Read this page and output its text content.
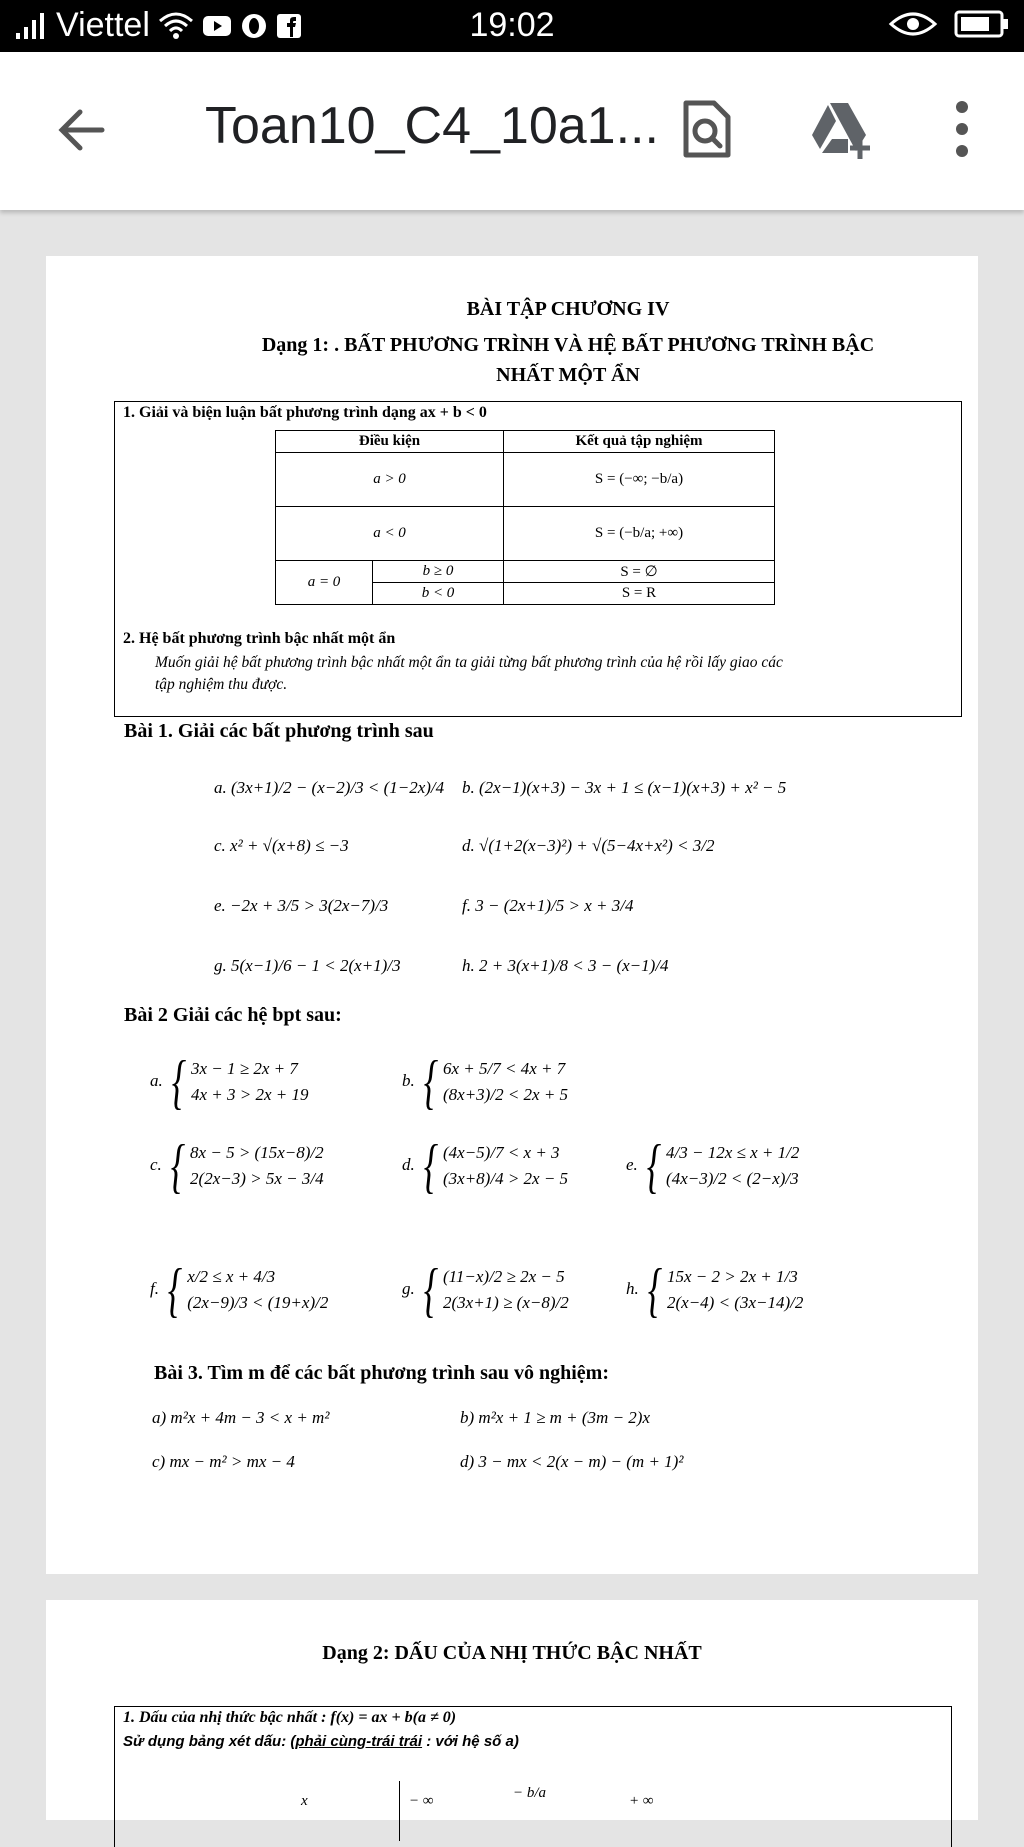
Viettel	19:02
Toan10_C4_10a1...
BÀI TẬP CHƯƠNG IV
Dạng 1: . BẤT PHƯƠNG TRÌNH VÀ HỆ BẤT PHƯƠNG TRÌNH BẬC
NHẤT MỘT ẨN
1. Giải và biện luận bất phương trình dạng ax + b < 0
Điều kiện		Kết quả tập nghiệm
a > 0		S = (−∞; −b/a)
a < 0		S = (−b/a; +∞)
a = 0	b ≥ 0	S = ∅
	b < 0	S = R
2. Hệ bất phương trình bậc nhất một ẩn
Muốn giải hệ bất phương trình bậc nhất một ẩn ta giải từng bất phương trình của hệ rồi lấy giao các
tập nghiệm thu được.
Bài 1. Giải các bất phương trình sau
a. (3x+1)/2 − (x−2)/3 < (1−2x)/4 b. (2x−1)(x+3) − 3x + 1 ≤ (x−1)(x+3) + x² − 5
c. x² + √(x+8) ≤ −3	d. √(1+2(x−3)²) + √(5−4x+x²) < 3/2
e. −2x + 3/5 > 3(2x−7)/3	f. 3 − (2x+1)/5 > x + 3/4
g. 5(x−1)/6 − 1 < 2(x+1)/3	h. 2 + 3(x+1)/8 < 3 − (x−1)/4
Bài 2 Giải các hệ bpt sau:
a. { 3x − 1 ≥ 2x + 7
4x + 3 > 2x + 19
b. { 6x + 5/7 < 4x + 7
(8x+3)/2 < 2x + 5
c. { 8x − 5 > (15x−8)/2
2(2x−3) > 5x − 3/4
d. { (4x−5)/7 < x + 3
(3x+8)/4 > 2x − 5
e. { 4/3 − 12x ≤ x + 1/2
(4x−3)/2 < (2−x)/3
f. { x/2 ≤ x + 4/3
(2x−9)/3 < (19+x)/2
g. { (11−x)/2 ≥ 2x − 5
2(3x+1) ≥ (x−8)/2
h. { 15x − 2 > 2x + 1/3
2(x−4) < (3x−14)/2
Bài 3. Tìm m để các bất phương trình sau vô nghiệm:
a) m²x + 4m − 3 < x + m²	b) m²x + 1 ≥ m + (3m − 2)x
c) mx − m² > mx − 4	d) 3 − mx < 2(x − m) − (m + 1)²
Dạng 2: DẤU CỦA NHỊ THỨC BẬC NHẤT
1. Dấu của nhị thức bậc nhất : f(x) = ax + b(a ≠ 0)
Sử dụng bảng xét dấu: (phải cùng-trái trái : với hệ số a)
x	− ∞	− b/a	+ ∞
